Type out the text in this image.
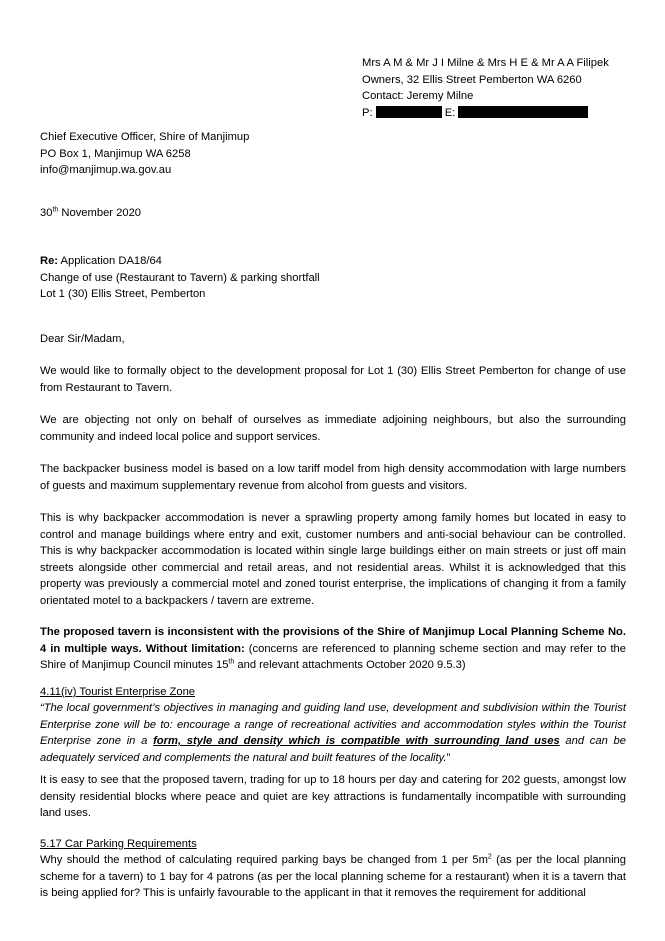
Mrs A M & Mr J I Milne & Mrs H E & Mr A A Filipek
Owners, 32 Ellis Street Pemberton WA 6260
Contact: Jeremy Milne
P:	E:
Chief Executive Officer, Shire of Manjimup
PO Box 1, Manjimup WA 6258
info@manjimup.wa.gov.au
30th November 2020
Re: Application DA18/64
Change of use (Restaurant to Tavern) & parking shortfall
Lot 1 (30) Ellis Street, Pemberton
Dear Sir/Madam,
We would like to formally object to the development proposal for Lot 1 (30) Ellis Street Pemberton for change of use from Restaurant to Tavern.
We are objecting not only on behalf of ourselves as immediate adjoining neighbours, but also the surrounding community and indeed local police and support services.
The backpacker business model is based on a low tariff model from high density accommodation with large numbers of guests and maximum supplementary revenue from alcohol from guests and visitors.
This is why backpacker accommodation is never a sprawling property among family homes but located in easy to control and manage buildings where entry and exit, customer numbers and anti-social behaviour can be controlled. This is why backpacker accommodation is located within single large buildings either on main streets or just off main streets alongside other commercial and retail areas, and not residential areas. Whilst it is acknowledged that this property was previously a commercial motel and zoned tourist enterprise, the implications of changing it from a family orientated motel to a backpackers / tavern are extreme.
The proposed tavern is inconsistent with the provisions of the Shire of Manjimup Local Planning Scheme No. 4 in multiple ways. Without limitation: (concerns are referenced to planning scheme section and may refer to the Shire of Manjimup Council minutes 15th and relevant attachments October 2020 9.5.3)
4.11(iv) Tourist Enterprise Zone
“The local government’s objectives in managing and guiding land use, development and subdivision within the Tourist Enterprise zone will be to: encourage a range of recreational activities and accommodation styles within the Tourist Enterprise zone in a form, style and density which is compatible with surrounding land uses and can be adequately serviced and complements the natural and built features of the locality.”
It is easy to see that the proposed tavern, trading for up to 18 hours per day and catering for 202 guests, amongst low density residential blocks where peace and quiet are key attractions is fundamentally incompatible with surrounding land uses.
5.17 Car Parking Requirements
Why should the method of calculating required parking bays be changed from 1 per $5m^2$ (as per the local planning scheme for a tavern) to 1 bay for 4 patrons (as per the local planning scheme for a restaurant) when it is a tavern that is being applied for? This is unfairly favourable to the applicant in that it removes the requirement for additional
